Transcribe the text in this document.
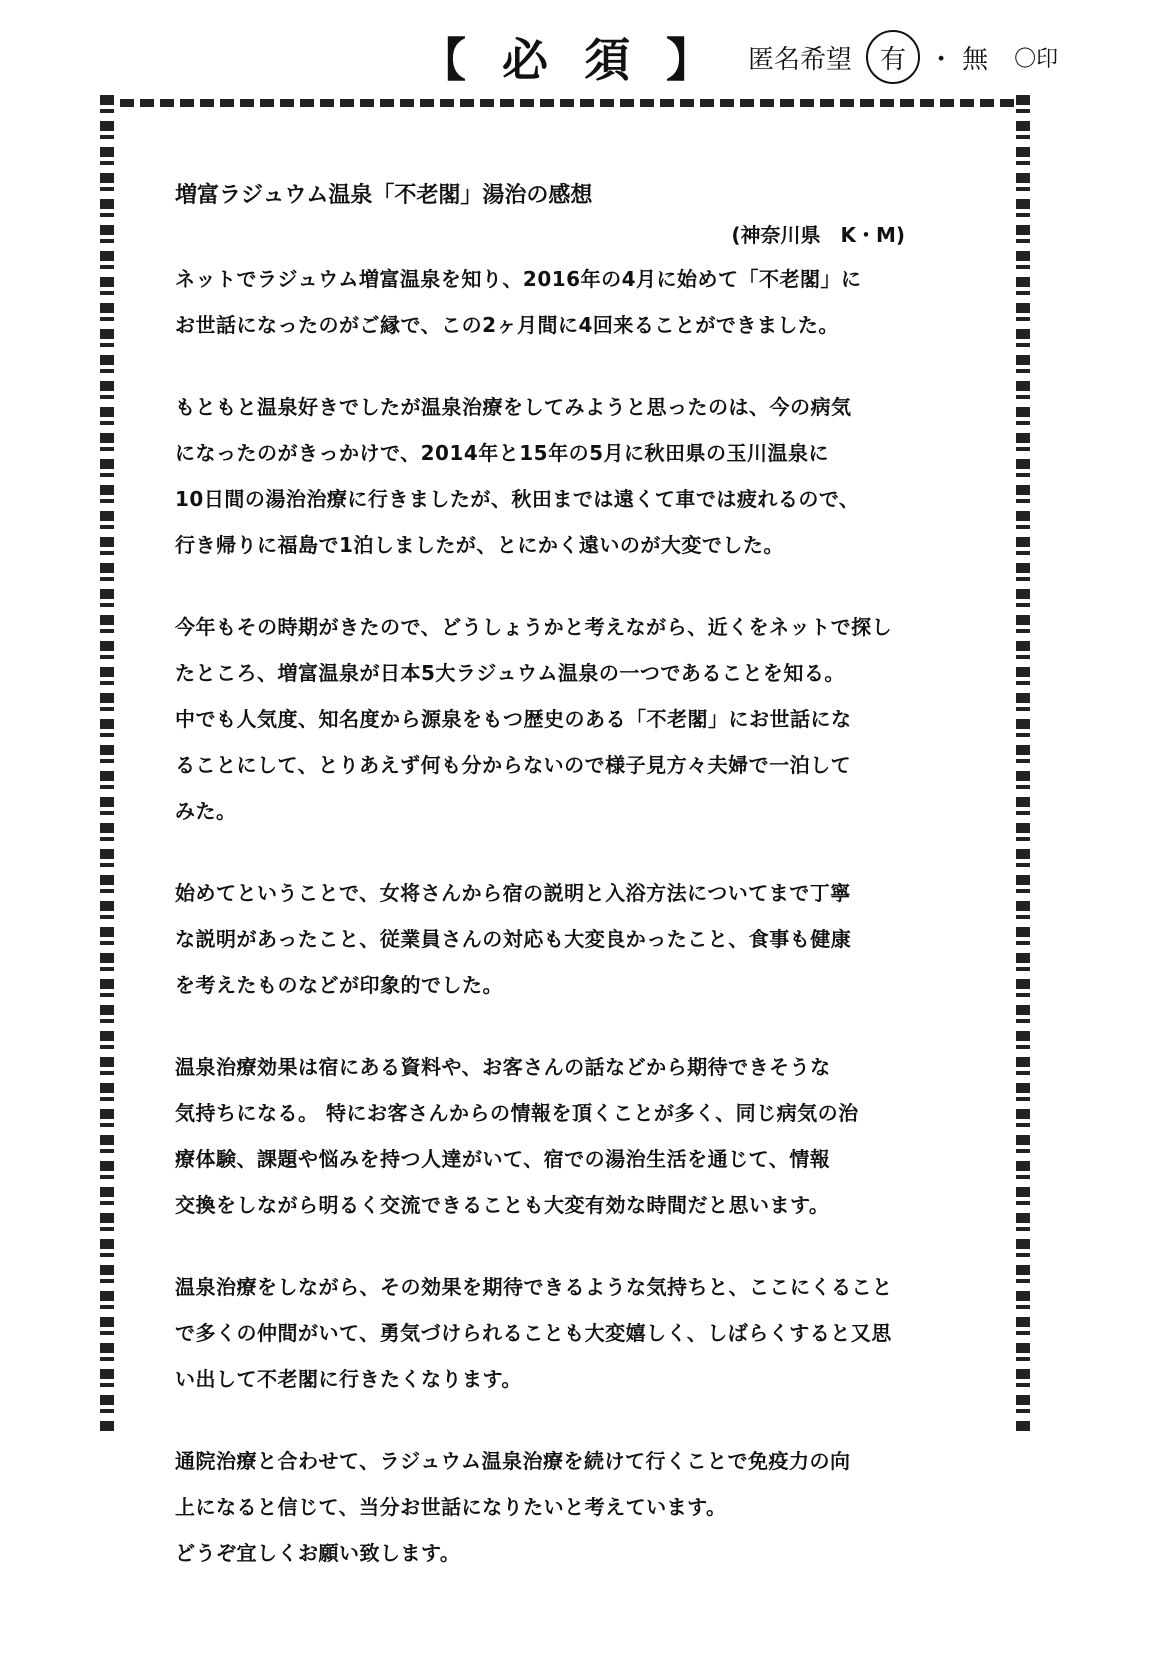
【 必 須 】 匿名希望	有 ・ 無 〇印
増富ラジュウム温泉「不老閣」湯治の感想
(神奈川県　K・M)
ネットでラジュウム増富温泉を知り、2016年の4月に始めて「不老閣」に
お世話になったのがご縁で、この2ヶ月間に4回来ることができました。
もともと温泉好きでしたが温泉治療をしてみようと思ったのは、今の病気
になったのがきっかけで、2014年と15年の5月に秋田県の玉川温泉に
10日間の湯治治療に行きましたが、秋田までは遠くて車では疲れるので、
行き帰りに福島で1泊しましたが、とにかく遠いのが大変でした。
今年もその時期がきたので、どうしょうかと考えながら、近くをネットで探し
たところ、増富温泉が日本5大ラジュウム温泉の一つであることを知る。
中でも人気度、知名度から源泉をもつ歴史のある「不老閣」にお世話にな
ることにして、とりあえず何も分からないので様子見方々夫婦で一泊して
みた。
始めてということで、女将さんから宿の説明と入浴方法についてまで丁寧
な説明があったこと、従業員さんの対応も大変良かったこと、食事も健康
を考えたものなどが印象的でした。
温泉治療効果は宿にある資料や、お客さんの話などから期待できそうな
気持ちになる。 特にお客さんからの情報を頂くことが多く、同じ病気の治
療体験、課題や悩みを持つ人達がいて、宿での湯治生活を通じて、情報
交換をしながら明るく交流できることも大変有効な時間だと思います。
温泉治療をしながら、その効果を期待できるような気持ちと、ここにくること
で多くの仲間がいて、勇気づけられることも大変嬉しく、しばらくすると又思
い出して不老閣に行きたくなります。
通院治療と合わせて、ラジュウム温泉治療を続けて行くことで免疫力の向
上になると信じて、当分お世話になりたいと考えています。
どうぞ宜しくお願い致します。
